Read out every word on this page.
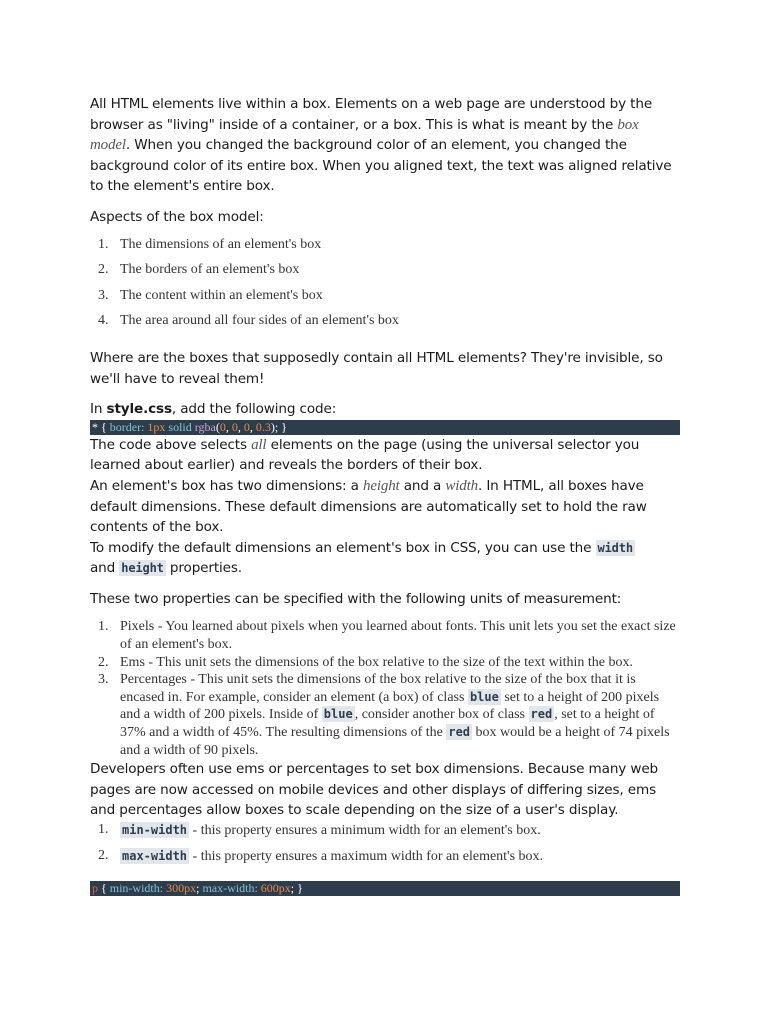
All HTML elements live within a box. Elements on a web page are understood by the browser as "living" inside of a container, or a box. This is what is meant by the box model. When you changed the background color of an element, you changed the background color of its entire box. When you aligned text, the text was aligned relative to the element's entire box.

Aspects of the box model:

1. The dimensions of an element's box
2. The borders of an element's box
3. The content within an element's box
4. The area around all four sides of an element's box

Where are the boxes that supposedly contain all HTML elements? They're invisible, so we'll have to reveal them!

In style.css, add the following code:

* { border: 1px solid rgba(0, 0, 0, 0.3); }

The code above selects all elements on the page (using the universal selector you learned about earlier) and reveals the borders of their box.

An element's box has two dimensions: a height and a width. In HTML, all boxes have default dimensions. These default dimensions are automatically set to hold the raw contents of the box.

To modify the default dimensions an element's box in CSS, you can use the width
and height properties.

These two properties can be specified with the following units of measurement:

1. Pixels - You learned about pixels when you learned about fonts. This unit lets you set the exact size of an element's box.
2. Ems - This unit sets the dimensions of the box relative to the size of the text within the box.
3. Percentages - This unit sets the dimensions of the box relative to the size of the box that it is encased in. For example, consider an element (a box) of class blue set to a height of 200 pixels and a width of 200 pixels. Inside of blue , consider another box of class red , set to a height of 37% and a width of 45%. The resulting dimensions of the red box would be a height of 74 pixels and a width of 90 pixels.

Developers often use ems or percentages to set box dimensions. Because many web pages are now accessed on mobile devices and other displays of differing sizes, ems and percentages allow boxes to scale depending on the size of a user's display.

1. min-width - this property ensures a minimum width for an element's box.
2. max-width - this property ensures a maximum width for an element's box.
p { min-width: 300px; max-width: 600px; }
